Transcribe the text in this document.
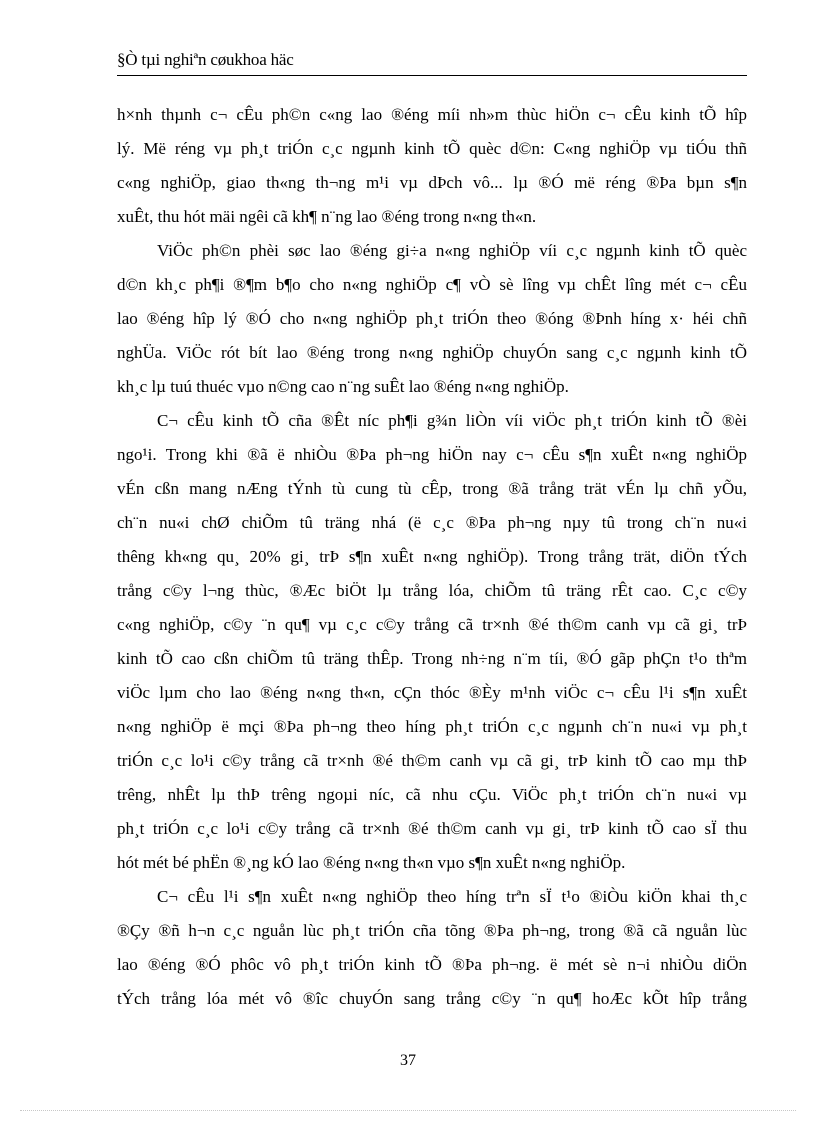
§Ò tµi nghiªn cøukhoa häc
h×nh thµnh c¬ cÊu ph©n c«ng lao ®éng míi nh»m thùc hiÖn c¬ cÊu kinh tÕ hîp
lý. Më réng vµ ph¸t triÓn c¸c ngµnh kinh tÕ quèc d©n: C«ng nghiÖp vµ tiÓu thñ
c«ng nghiÖp, giao th«ng th¬ng m¹i vµ dÞch vô... lµ ®Ó më réng ®Þa bµn s¶n
xuÊt, thu hót mäi ngêi cã kh¶ n¨ng lao ®éng trong n«ng th«n.
ViÖc ph©n phèi søc lao ®éng gi÷a n«ng nghiÖp víi c¸c ngµnh kinh tÕ quèc
d©n kh¸c ph¶i ®¶m b¶o cho n«ng nghiÖp c¶ vÒ sè lîng vµ chÊt lîng mét c¬ cÊu
lao ®éng hîp lý ®Ó cho n«ng nghiÖp ph¸t triÓn theo ®óng ®Þnh híng x· héi chñ
nghÜa. ViÖc rót bít lao ®éng trong n«ng nghiÖp chuyÓn sang c¸c ngµnh kinh tÕ
kh¸c lµ tuú thuéc vµo n©ng cao n¨ng suÊt lao ®éng n«ng nghiÖp.
C¬ cÊu kinh tÕ cña ®Êt níc ph¶i g¾n liÒn víi viÖc ph¸t triÓn kinh tÕ ®èi
ngo¹i. Trong khi ®ã ë nhiÒu ®Þa ph¬ng hiÖn nay c¬ cÊu s¶n xuÊt n«ng nghiÖp
vÉn cßn mang nÆng tÝnh tù cung tù cÊp, trong ®ã trång trät vÉn lµ chñ yÕu,
ch¨n nu«i chØ chiÕm tû träng nhá (ë c¸c ®Þa ph¬ng nµy tû trong ch¨n nu«i
thêng kh«ng qu¸ 20% gi¸ trÞ s¶n xuÊt n«ng nghiÖp). Trong trång trät, diÖn tÝch
trång c©y l¬ng thùc, ®Æc biÖt lµ trång lóa, chiÕm tû träng rÊt cao. C¸c c©y
c«ng nghiÖp, c©y ¨n qu¶ vµ c¸c c©y trång cã tr×nh ®é th©m canh vµ cã gi¸ trÞ
kinh tÕ cao cßn chiÕm tû träng thÊp. Trong nh÷ng n¨m tíi, ®Ó gãp phÇn t¹o thªm
viÖc lµm cho lao ®éng n«ng th«n, cÇn thóc ®Èy m¹nh viÖc c¬ cÊu l¹i s¶n xuÊt
n«ng nghiÖp ë mçi ®Þa ph¬ng theo híng ph¸t triÓn c¸c ngµnh ch¨n nu«i vµ ph¸t
triÓn c¸c lo¹i c©y trång cã tr×nh ®é th©m canh vµ cã gi¸ trÞ kinh tÕ cao mµ thÞ
trêng, nhÊt lµ thÞ trêng ngoµi níc, cã nhu cÇu. ViÖc ph¸t triÓn ch¨n nu«i vµ
ph¸t triÓn c¸c lo¹i c©y trång cã tr×nh ®é th©m canh vµ gi¸ trÞ kinh tÕ cao sÏ thu
hót mét bé phËn ®¸ng kÓ lao ®éng n«ng th«n vµo s¶n xuÊt n«ng nghiÖp.
C¬ cÊu l¹i s¶n xuÊt n«ng nghiÖp theo híng trªn sÏ t¹o ®iÒu kiÖn khai th¸c
®Çy ®ñ h¬n c¸c nguån lùc ph¸t triÓn cña tõng ®Þa ph¬ng, trong ®ã cã nguån lùc
lao ®éng ®Ó phôc vô ph¸t triÓn kinh tÕ ®Þa ph¬ng. ë mét sè n¬i nhiÒu diÖn
tÝch trång lóa mét vô ®îc chuyÓn sang trång c©y ¨n qu¶ hoÆc kÕt hîp trång
37
